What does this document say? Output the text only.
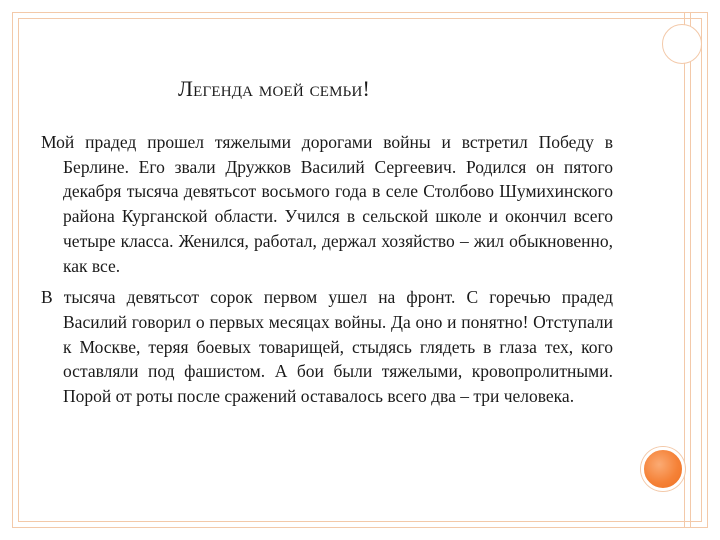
Легенда моей семьи!

Мой прадед прошел тяжелыми дорогами войны и встретил Победу в Берлине. Его звали Дружков Василий Сергеевич. Родился он пятого декабря тысяча девятьсот восьмого года в селе Столбово Шумихинского района Курганской области. Учился в сельской школе и окончил всего четыре класса. Женился, работал, держал хозяйство – жил обыкновенно, как все.

В тысяча девятьсот сорок первом ушел на фронт. С горечью прадед Василий говорил о первых месяцах войны. Да оно и понятно! Отступали к Москве, теряя боевых товарищей, стыдясь глядеть в глаза тех, кого оставляли под фашистом. А бои были тяжелыми, кровопролитными. Порой от роты после сражений оставалось всего два – три человека.
